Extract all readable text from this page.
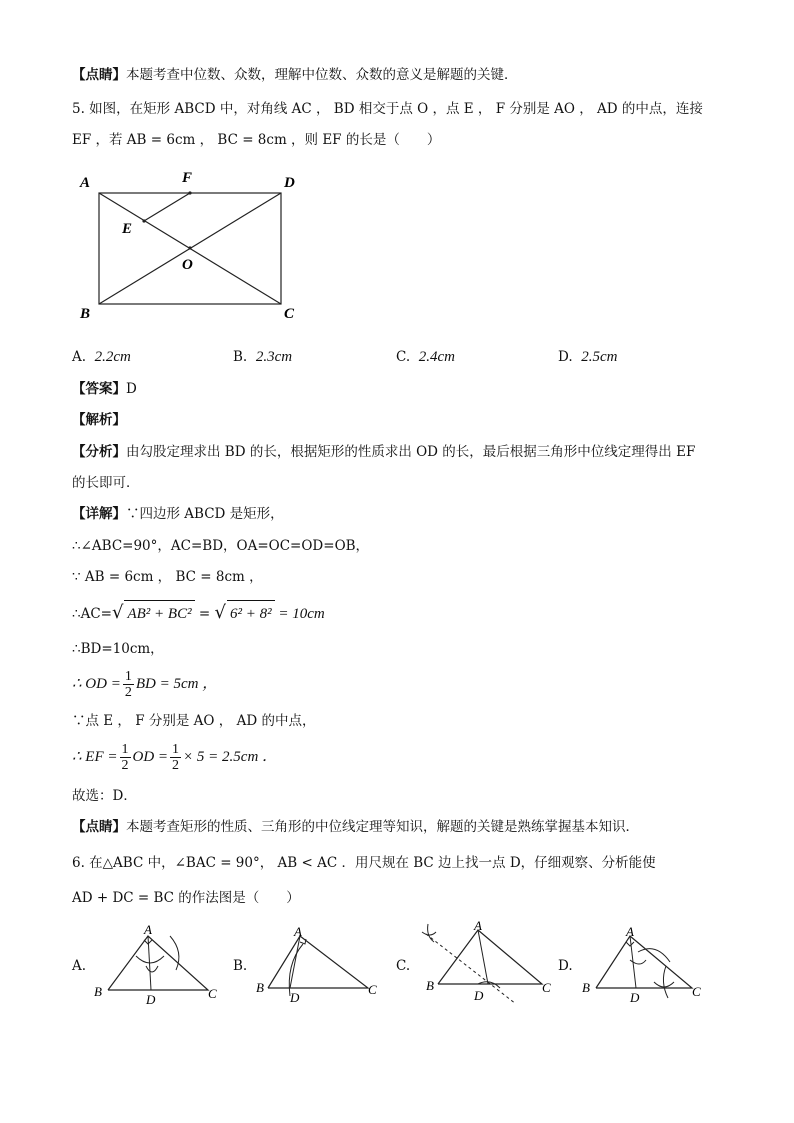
【点睛】本题考查中位数、众数，理解中位数、众数的意义是解题的关键．
5. 如图，在矩形 ABCD 中，对角线 AC ， BD 相交于点 O ，点 E ， F 分别是 AO ， AD 的中点，连接
EF ，若 AB = 6cm ， BC = 8cm ，则 EF 的长是（　　）
A	F	D
E
O
B	C
A. 2.2cm	B. 2.3cm	C. 2.4cm	D. 2.5cm
【答案】D
【解析】
【分析】由勾股定理求出 BD 的长，根据矩形的性质求出 OD 的长，最后根据三角形中位线定理得出 EF
的长即可．
【详解】∵四边形 ABCD 是矩形，
∴∠ABC=90°，AC=BD，OA=OC=OD=OB，
∵ AB = 6cm ， BC = 8cm ，
∴AC=√ AB² + BC² = √ 6² + 8² = 10cm
∴BD=10cm，
∴ OD = $\frac{1}{2}$ BD = 5cm ，
∵点 E ， F 分别是 AO ， AD 的中点，
∴ EF = $\frac{1}{2}$ OD = $\frac{1}{2} \times 5 = 2.5cm$ ．
故选：D．
【点睛】本题考查矩形的性质、三角形的中位线定理等知识，解题的关键是熟练掌握基本知识．
6. 在△ABC 中，∠BAC = 90°， AB < AC ．用尺规在 BC 边上找一点 D，仔细观察、分析能使
AD + DC = BC 的作法图是（　　）
A.
A
B	C
D
B.
A
B	C
D
C.
A
B	C
D
D.
A
B	C
D
